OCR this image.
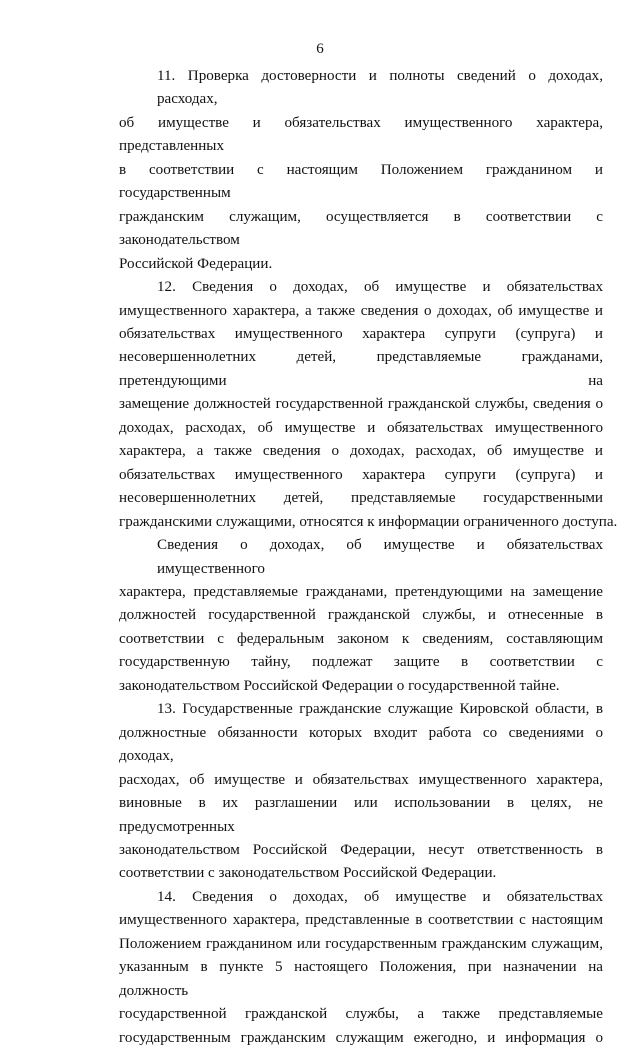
6
11. Проверка достоверности и полноты сведений о доходах, расходах,
об имуществе и обязательствах имущественного характера, представленных
в соответствии с настоящим Положением гражданином и государственным
гражданским служащим, осуществляется в соответствии с законодательством
Российской Федерации.
12. Сведения о доходах, об имуществе и обязательствах
имущественного характера, а также сведения о доходах, об имуществе и
обязательствах имущественного характера супруги (супруга) и
несовершеннолетних детей, представляемые гражданами, претендующими на
замещение должностей государственной гражданской службы, сведения о
доходах, расходах, об имуществе и обязательствах имущественного
характера, а также сведения о доходах, расходах, об имуществе и
обязательствах имущественного характера супруги (супруга) и
несовершеннолетних детей, представляемые государственными
гражданскими служащими, относятся к информации ограниченного доступа.
Сведения о доходах, об имуществе и обязательствах имущественного
характера, представляемые гражданами, претендующими на замещение
должностей государственной гражданской службы, и отнесенные в
соответствии с федеральным законом к сведениям, составляющим
государственную тайну, подлежат защите в соответствии с
законодательством Российской Федерации о государственной тайне.
13. Государственные гражданские служащие Кировской области, в
должностные обязанности которых входит работа со сведениями о доходах,
расходах, об имуществе и обязательствах имущественного характера,
виновные в их разглашении или использовании в целях, не предусмотренных
законодательством Российской Федерации, несут ответственность в
соответствии с законодательством Российской Федерации.
14. Сведения о доходах, об имуществе и обязательствах
имущественного характера, представленные в соответствии с настоящим
Положением гражданином или государственным гражданским служащим,
указанным в пункте 5 настоящего Положения, при назначении на должность
государственной гражданской службы, а также представляемые
государственным гражданским служащим ежегодно, и информация о
